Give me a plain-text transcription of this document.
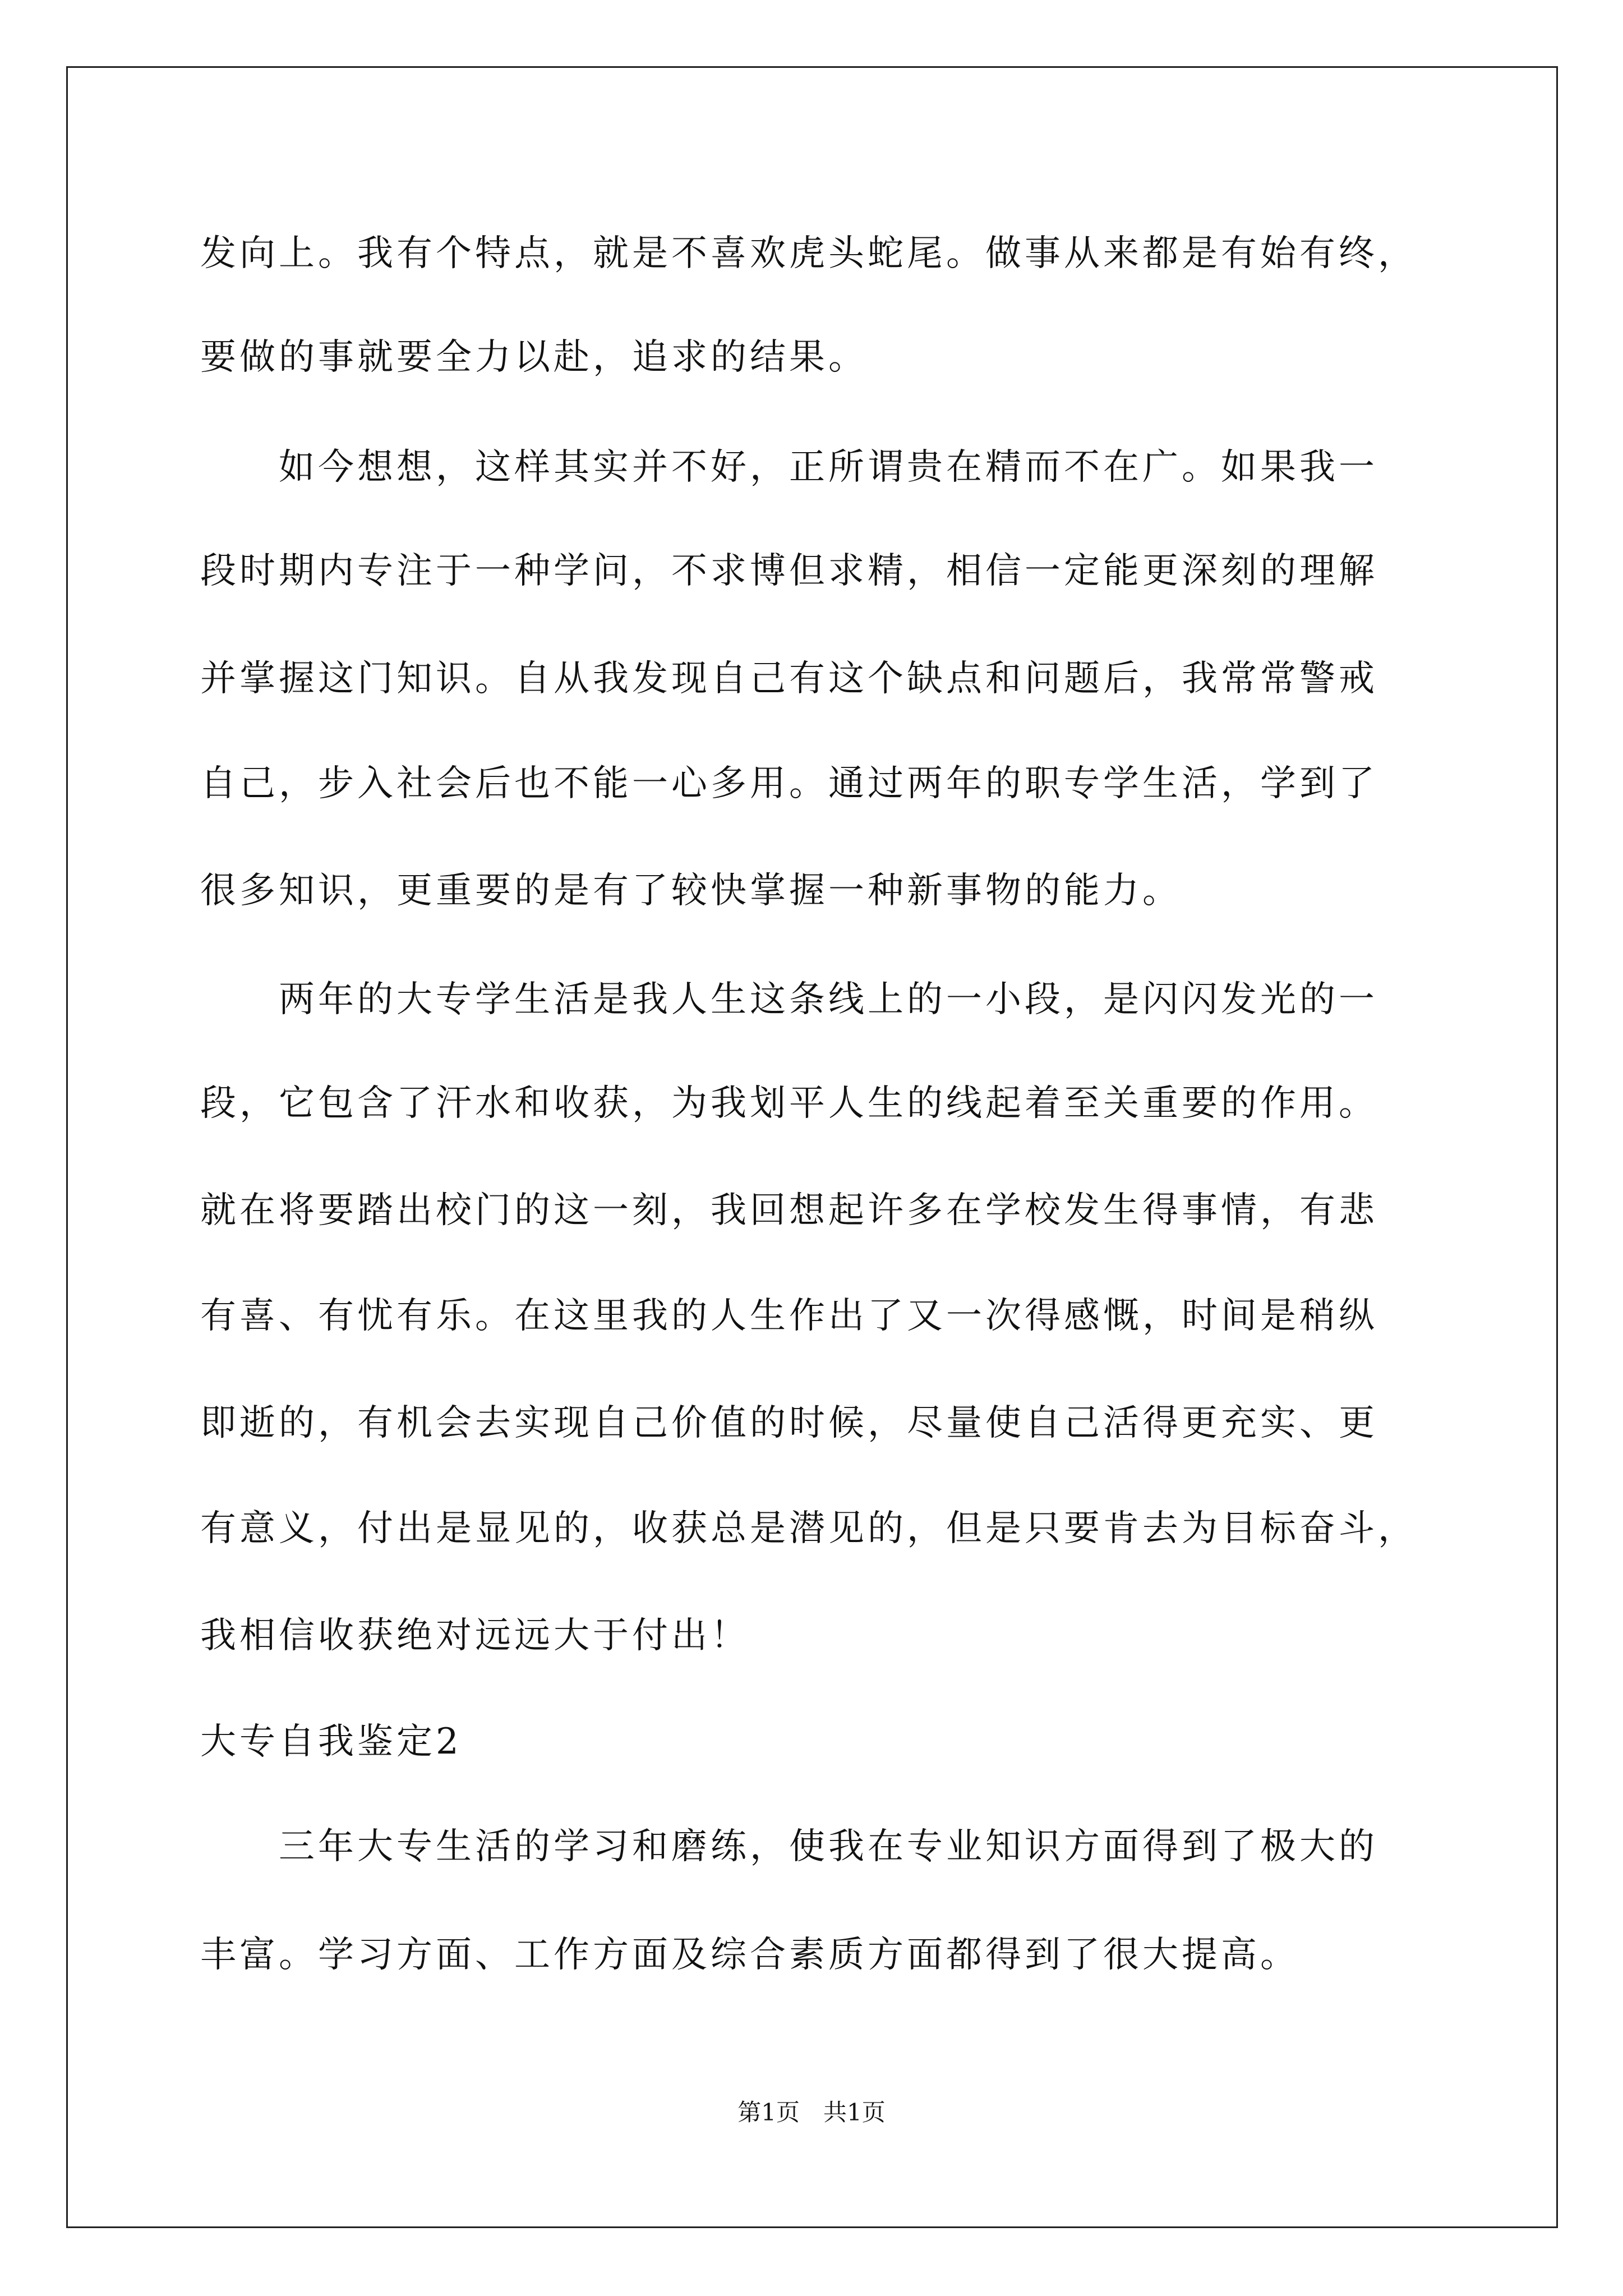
发向上。我有个特点，就是不喜欢虎头蛇尾。做事从来都是有始有终，
要做的事就要全力以赴，追求的结果。
　　如今想想，这样其实并不好，正所谓贵在精而不在广。如果我一
段时期内专注于一种学问，不求博但求精，相信一定能更深刻的理解
并掌握这门知识。自从我发现自己有这个缺点和问题后，我常常警戒
自己，步入社会后也不能一心多用。通过两年的职专学生活，学到了
很多知识，更重要的是有了较快掌握一种新事物的能力。
　　两年的大专学生活是我人生这条线上的一小段，是闪闪发光的一
段，它包含了汗水和收获，为我划平人生的线起着至关重要的作用。
就在将要踏出校门的这一刻，我回想起许多在学校发生得事情，有悲
有喜、有忧有乐。在这里我的人生作出了又一次得感慨，时间是稍纵
即逝的，有机会去实现自己价值的时候，尽量使自己活得更充实、更
有意义，付出是显见的，收获总是潜见的，但是只要肯去为目标奋斗，
我相信收获绝对远远大于付出！
大专自我鉴定2
　　三年大专生活的学习和磨练，使我在专业知识方面得到了极大的
丰富。学习方面、工作方面及综合素质方面都得到了很大提高。
第1页　共1页
